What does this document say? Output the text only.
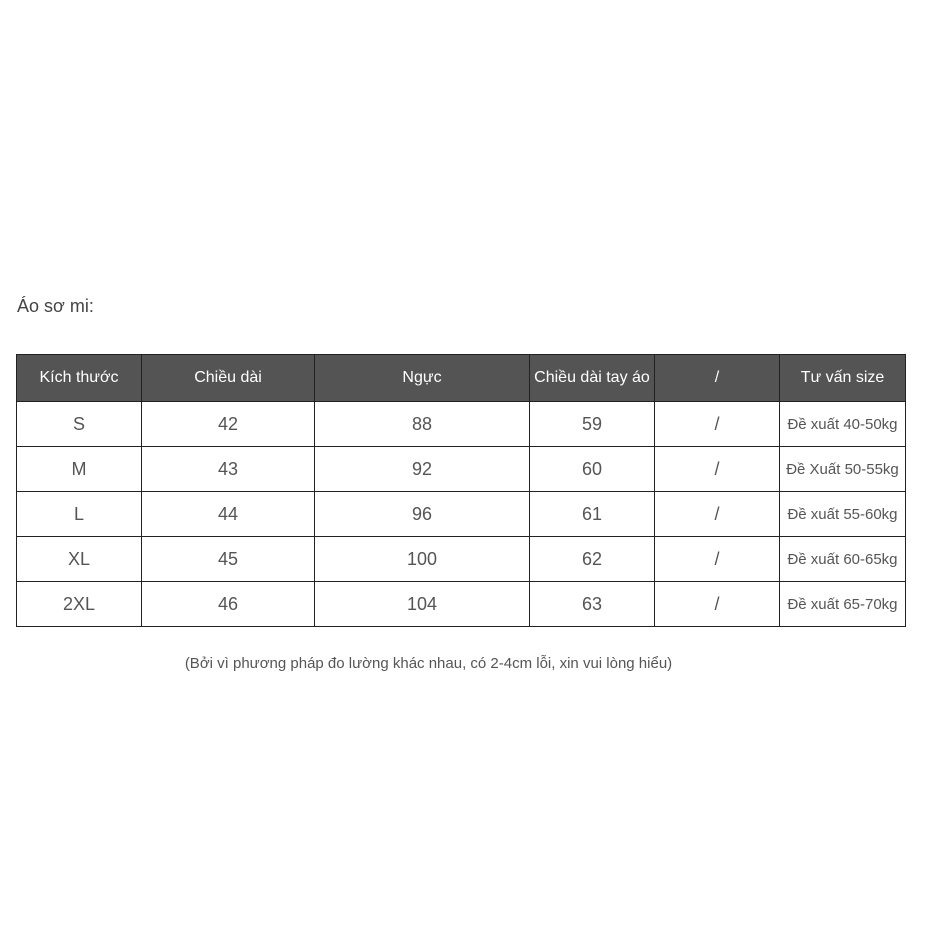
Áo sơ mi:
Kích thước	Chiều dài	Ngực	Chiều dài tay áo	/	Tư vấn size
S	42	88	59	/	Đề xuất 40-50kg
M	43	92	60	/	Đề Xuất 50-55kg
L	44	96	61	/	Đề xuất 55-60kg
XL	45	100	62	/	Đề xuất 60-65kg
2XL	46	104	63	/	Đề xuất 65-70kg
(Bởi vì phương pháp đo lường khác nhau, có 2-4cm lỗi, xin vui lòng hiểu)
